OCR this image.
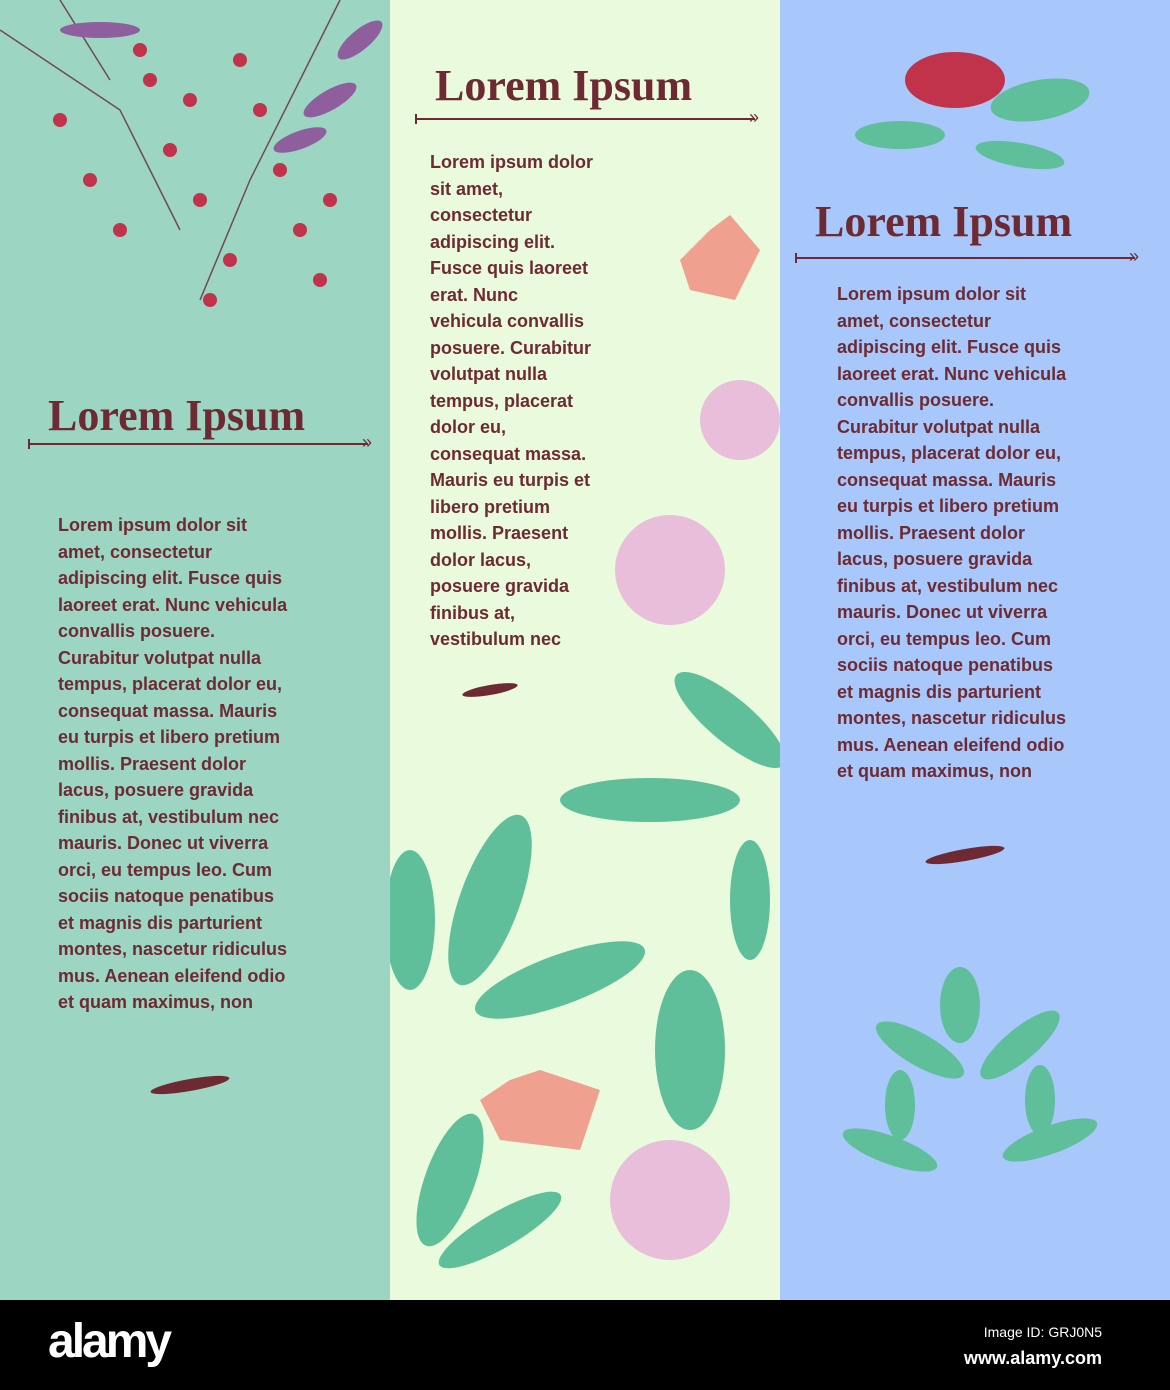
Lorem Ipsum
»
Lorem ipsum dolor sit
amet, consectetur
adipiscing elit. Fusce quis
laoreet erat. Nunc vehicula
convallis posuere.
Curabitur volutpat nulla
tempus, placerat dolor eu,
consequat massa. Mauris
eu turpis et libero pretium
mollis. Praesent dolor
lacus, posuere gravida
finibus at, vestibulum nec
mauris. Donec ut viverra
orci, eu tempus leo. Cum
sociis natoque penatibus
et magnis dis parturient
montes, nascetur ridiculus
mus. Aenean eleifend odio
et quam maximus, non
Lorem Ipsum
»
Lorem ipsum dolor
sit amet,
consectetur
adipiscing elit.
Fusce quis laoreet
erat. Nunc
vehicula convallis
posuere. Curabitur
volutpat nulla
tempus, placerat
dolor eu,
consequat massa.
Mauris eu turpis et
libero pretium
mollis. Praesent
dolor lacus,
posuere gravida
finibus at,
vestibulum nec
Lorem Ipsum
»
Lorem ipsum dolor sit
amet, consectetur
adipiscing elit. Fusce quis
laoreet erat. Nunc vehicula
convallis posuere.
Curabitur volutpat nulla
tempus, placerat dolor eu,
consequat massa. Mauris
eu turpis et libero pretium
mollis. Praesent dolor
lacus, posuere gravida
finibus at, vestibulum nec
mauris. Donec ut viverra
orci, eu tempus leo. Cum
sociis natoque penatibus
et magnis dis parturient
montes, nascetur ridiculus
mus. Aenean eleifend odio
et quam maximus, non
alamy	Image ID: GRJ0N5
www.alamy.com
